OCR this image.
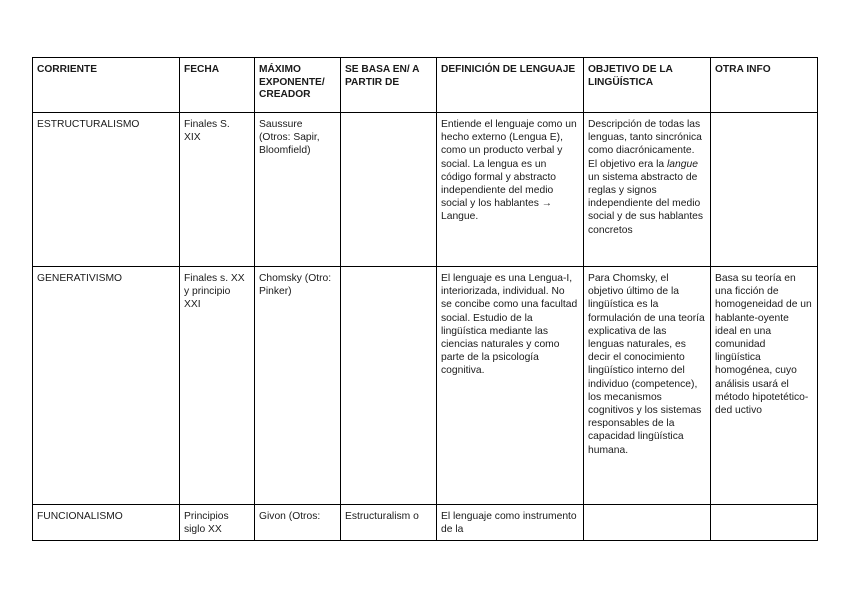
CORRIENTE	FECHA	MÁXIMO EXPONENTE/ CREADOR	SE BASA EN/ A PARTIR DE	DEFINICIÓN DE LENGUAJE	OBJETIVO DE LA LINGÜÍSTICA	OTRA INFO
ESTRUCTURALISMO	Finales S. XIX	Saussure (Otros: Sapir, Bloomfield)		Entiende el lenguaje como un hecho externo (Lengua E), como un producto verbal y social. La lengua es un código formal y abstracto independiente del medio social y los hablantes → Langue.	Descripción de todas las lenguas, tanto sincrónica como diacrónicamente. El objetivo era la langue un sistema abstracto de reglas y signos independiente del medio social y de sus hablantes concretos	
GENERATIVISMO	Finales s. XX y principio XXI	Chomsky (Otro: Pinker)		El lenguaje es una Lengua-I, interiorizada, individual. No se concibe como una facultad social. Estudio de la lingüística mediante las ciencias naturales y como parte de la psicología cognitiva.	Para Chomsky, el objetivo último de la lingüística es la formulación de una teoría explicativa de las lenguas naturales, es decir el conocimiento lingüístico interno del individuo (competence), los mecanismos cognitivos y los sistemas responsables de la capacidad lingüística humana.	Basa su teoría en una ficción de homogeneidad de un hablante-oyente ideal en una comunidad lingüística homogénea, cuyo análisis usará el método hipotetético-ded uctivo
FUNCIONALISMO	Principios siglo XX	Givon (Otros:	Estructuralism o	El lenguaje como instrumento de la		
